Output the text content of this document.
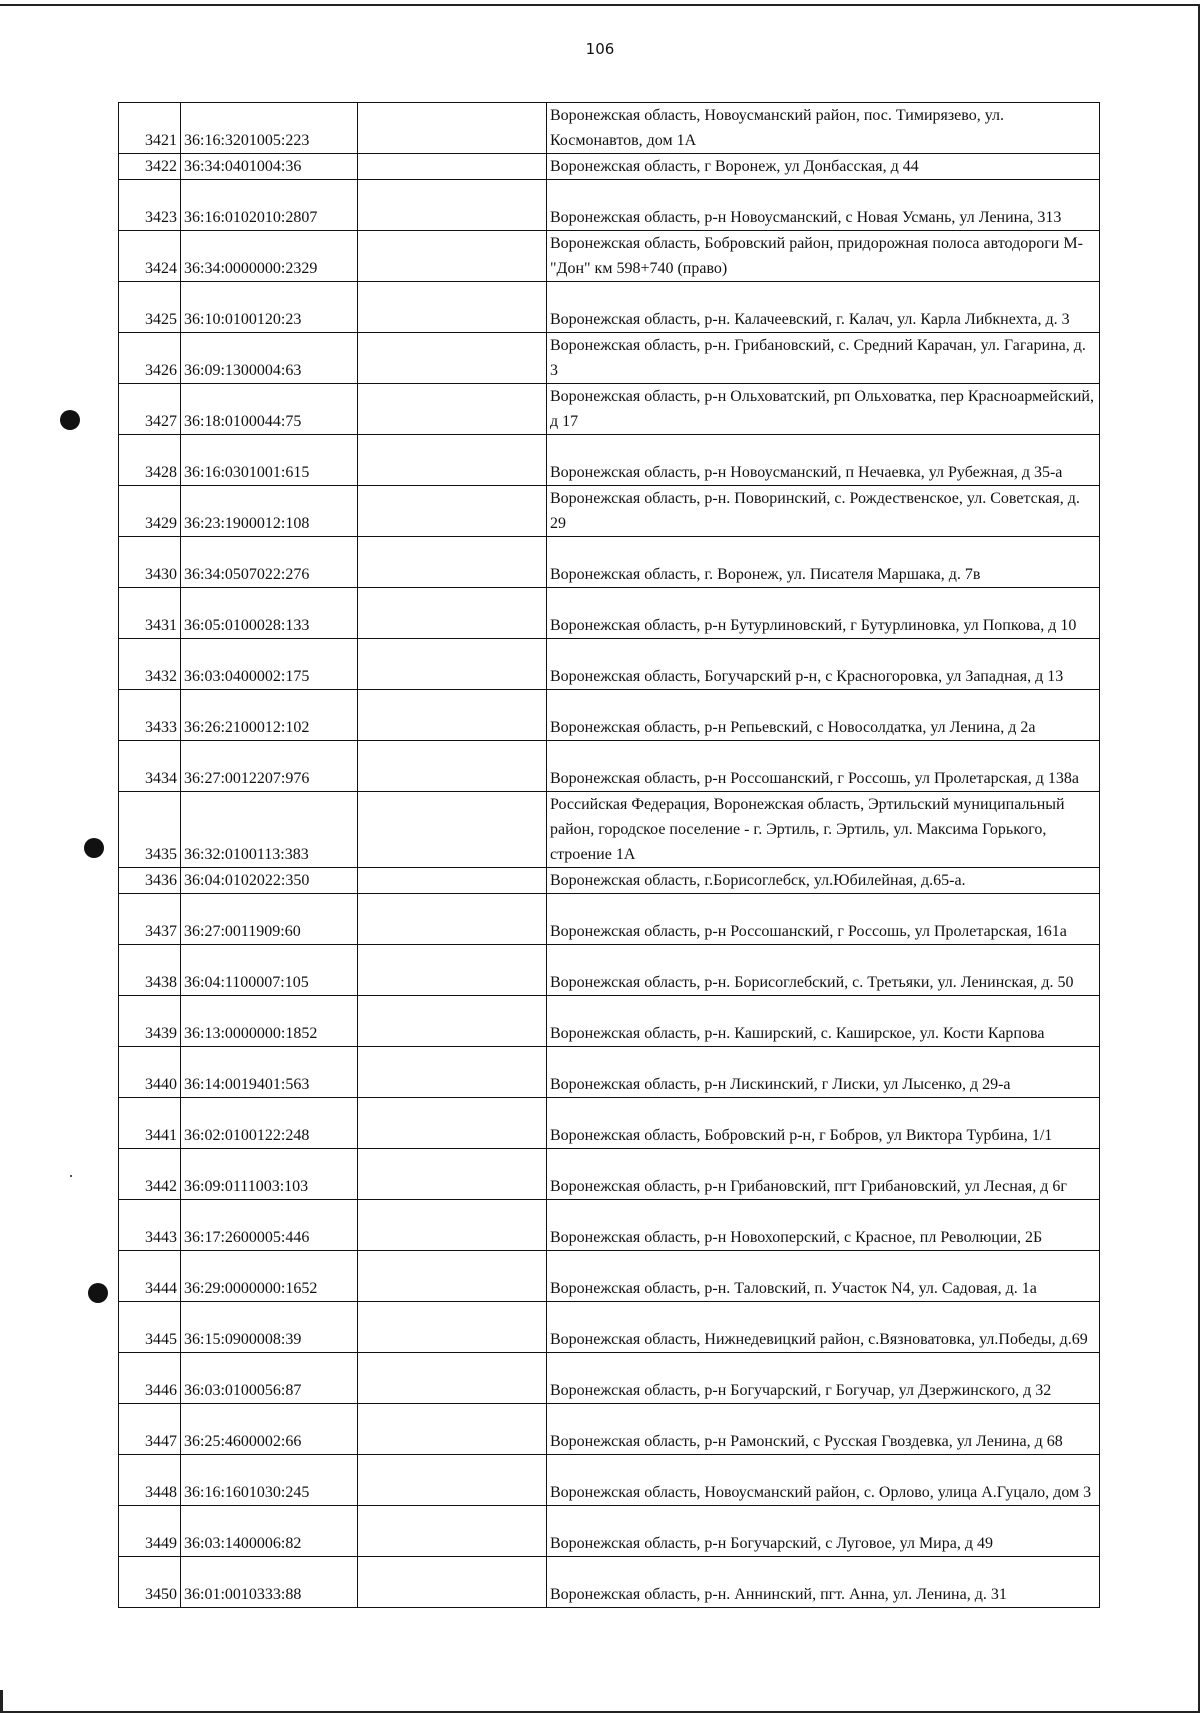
106
3421	36:16:3201005:223		Воронежская область, Новоусманский район, пос. Тимирязево, ул. Космонавтов, дом 1А
3422	36:34:0401004:36		Воронежская область, г Воронеж, ул Донбасская, д 44
3423	36:16:0102010:2807		Воронежская область, р-н Новоусманский, с Новая Усмань, ул Ленина, 313
3424	36:34:0000000:2329		Воронежская область, Бобровский район, придорожная полоса автодороги М-"Дон" км 598+740 (право)
3425	36:10:0100120:23		Воронежская область, р-н. Калачеевский, г. Калач, ул. Карла Либкнехта, д. 3
3426	36:09:1300004:63		Воронежская область, р-н. Грибановский, с. Средний Карачан, ул. Гагарина, д. 3
3427	36:18:0100044:75		Воронежская область, р-н Ольховатский, рп Ольховатка, пер Красноармейский, д 17
3428	36:16:0301001:615		Воронежская область, р-н Новоусманский, п Нечаевка, ул Рубежная, д 35-а
3429	36:23:1900012:108		Воронежская область, р-н. Поворинский, с. Рождественское, ул. Советская, д. 29
3430	36:34:0507022:276		Воронежская область, г. Воронеж, ул. Писателя Маршака, д. 7в
3431	36:05:0100028:133		Воронежская область, р-н Бутурлиновский, г Бутурлиновка, ул Попкова, д 10
3432	36:03:0400002:175		Воронежская область, Богучарский р-н, с Красногоровка, ул Западная, д 13
3433	36:26:2100012:102		Воронежская область, р-н Репьевский, с Новосолдатка, ул Ленина, д 2а
3434	36:27:0012207:976		Воронежская область, р-н Россошанский, г Россошь, ул Пролетарская, д 138а
3435	36:32:0100113:383		Российская Федерация, Воронежская область, Эртильский муниципальный район, городское поселение - г. Эртиль, г. Эртиль, ул. Максима Горького, строение 1А
3436	36:04:0102022:350		Воронежская область, г.Борисоглебск, ул.Юбилейная, д.65-а.
3437	36:27:0011909:60		Воронежская область, р-н Россошанский, г Россошь, ул Пролетарская, 161а
3438	36:04:1100007:105		Воронежская область, р-н. Борисоглебский, с. Третьяки, ул. Ленинская, д. 50
3439	36:13:0000000:1852		Воронежская область, р-н. Каширский, с. Каширское, ул. Кости Карпова
3440	36:14:0019401:563		Воронежская область, р-н Лискинский, г Лиски, ул Лысенко, д 29-а
3441	36:02:0100122:248		Воронежская область, Бобровский р-н, г Бобров, ул Виктора Турбина, 1/1
3442	36:09:0111003:103		Воронежская область, р-н Грибановский, пгт Грибановский, ул Лесная, д 6г
3443	36:17:2600005:446		Воронежская область, р-н Новохоперский, с Красное, пл Революции, 2Б
3444	36:29:0000000:1652		Воронежская область, р-н. Таловский, п. Участок N4, ул. Садовая, д. 1а
3445	36:15:0900008:39		Воронежская область, Нижнедевицкий район, с.Вязноватовка, ул.Победы, д.69
3446	36:03:0100056:87		Воронежская область, р-н Богучарский, г Богучар, ул Дзержинского, д 32
3447	36:25:4600002:66		Воронежская область, р-н Рамонский, с Русская Гвоздевка, ул Ленина, д 68
3448	36:16:1601030:245		Воронежская область, Новоусманский район, с. Орлово, улица А.Гуцало, дом 3
3449	36:03:1400006:82		Воронежская область, р-н Богучарский, с Луговое, ул Мира, д 49
3450	36:01:0010333:88		Воронежская область, р-н. Аннинский, пгт. Анна, ул. Ленина, д. 31
